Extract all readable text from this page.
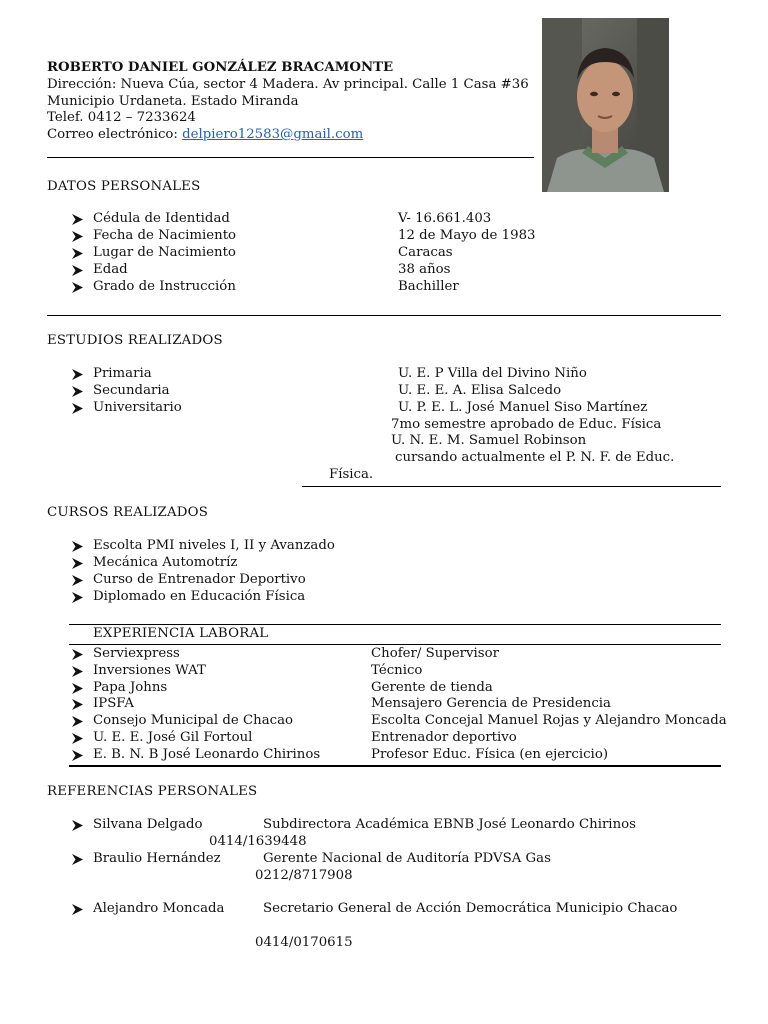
ROBERTO DANIEL GONZÁLEZ BRACAMONTE
Dirección: Nueva Cúa, sector 4 Madera. Av principal. Calle 1 Casa #36
Municipio Urdaneta. Estado Miranda
Telef. 0412 – 7233624
Correo electrónico: delpiero12583@gmail.com
DATOS PERSONALES
Cédula de Identidad	V- 16.661.403
Fecha de Nacimiento	12 de Mayo de 1983
Lugar de Nacimiento	Caracas
Edad	38 años
Grado de Instrucción	Bachiller
ESTUDIOS REALIZADOS
Primaria	U. E. P Villa del Divino Niño
Secundaria	U. E. E. A. Elisa Salcedo
Universitario	U. P. E. L. José Manuel Siso Martínez
7mo semestre aprobado de Educ. Física
U. N. E. M. Samuel Robinson
cursando actualmente el P. N. F. de Educ.
Física.
CURSOS REALIZADOS
Escolta PMI niveles I, II y Avanzado
Mecánica Automotríz
Curso de Entrenador Deportivo
Diplomado en Educación Física
EXPERIENCIA LABORAL
Serviexpress	Chofer/ Supervisor
Inversiones WAT	Técnico
Papa Johns	Gerente de tienda
IPSFA	Mensajero Gerencia de Presidencia
Consejo Municipal de Chacao	Escolta Concejal Manuel Rojas y Alejandro Moncada
U. E. E. José Gil Fortoul	Entrenador deportivo
E. B. N. B José Leonardo Chirinos	Profesor Educ. Física (en ejercicio)
REFERENCIAS PERSONALES
Silvana Delgado	Subdirectora Académica EBNB José Leonardo Chirinos
0414/1639448
Braulio Hernández	Gerente Nacional de Auditoría PDVSA Gas
0212/8717908
Alejandro Moncada	Secretario General de Acción Democrática Municipio Chacao
0414/0170615
